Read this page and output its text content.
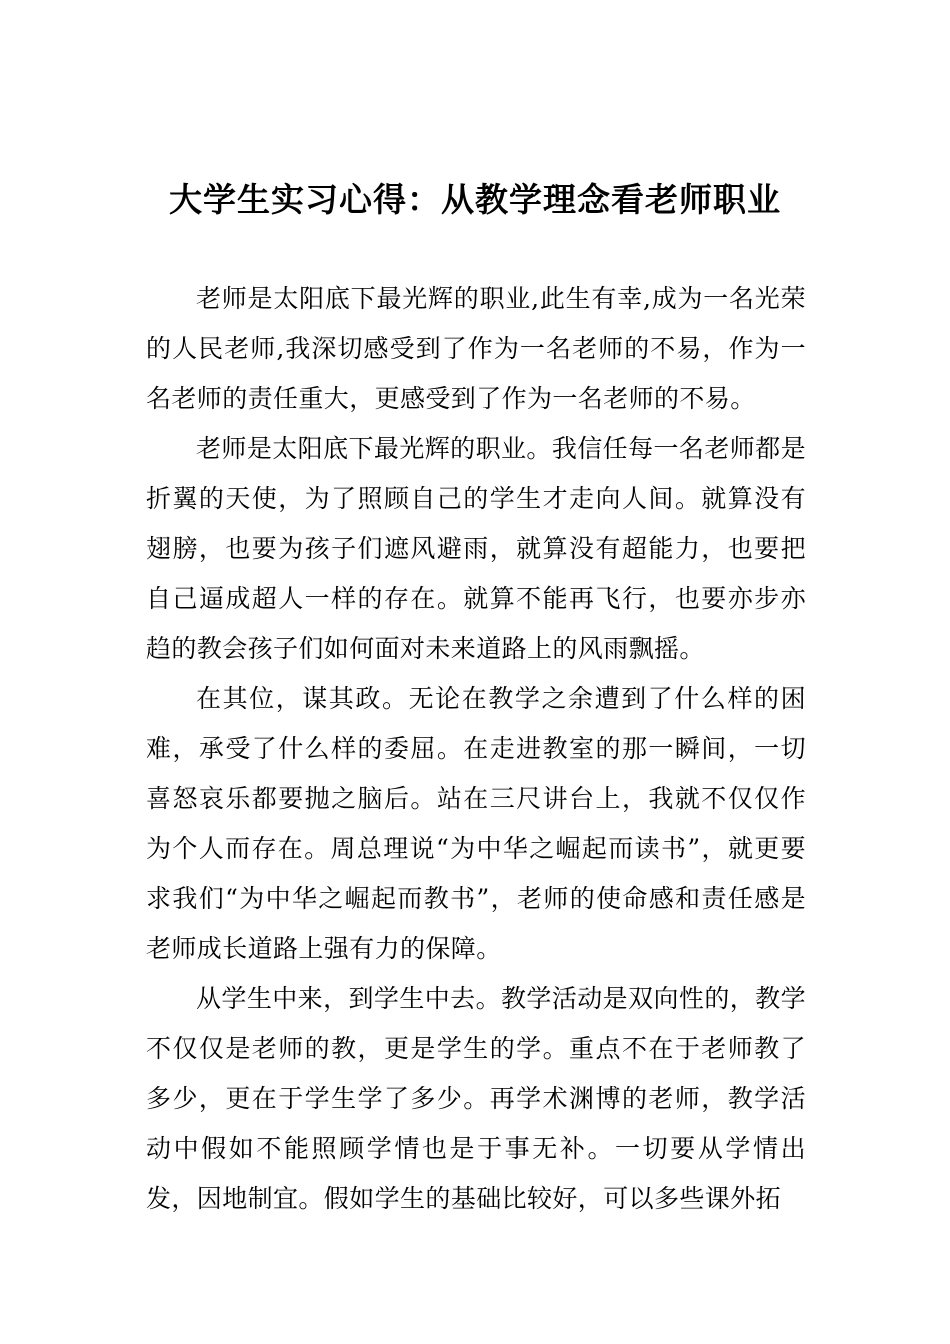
大学生实习心得：从教学理念看老师职业

老师是太阳底下最光辉的职业,此生有幸,成为一名光荣的人民老师,我深切感受到了作为一名老师的不易，作为一名老师的责任重大，更感受到了作为一名老师的不易。

老师是太阳底下最光辉的职业。我信任每一名老师都是折翼的天使，为了照顾自己的学生才走向人间。就算没有翅膀，也要为孩子们遮风避雨，就算没有超能力，也要把自己逼成超人一样的存在。就算不能再飞行，也要亦步亦趋的教会孩子们如何面对未来道路上的风雨飘摇。

在其位，谋其政。无论在教学之余遭到了什么样的困难，承受了什么样的委屈。在走进教室的那一瞬间，一切喜怒哀乐都要抛之脑后。站在三尺讲台上，我就不仅仅作为个人而存在。周总理说“为中华之崛起而读书”，就更要求我们“为中华之崛起而教书”，老师的使命感和责任感是老师成长道路上强有力的保障。

从学生中来，到学生中去。教学活动是双向性的，教学不仅仅是老师的教，更是学生的学。重点不在于老师教了多少，更在于学生学了多少。再学术渊博的老师，教学活动中假如不能照顾学情也是于事无补。一切要从学情出发，因地制宜。假如学生的基础比较好，可以多些课外拓
